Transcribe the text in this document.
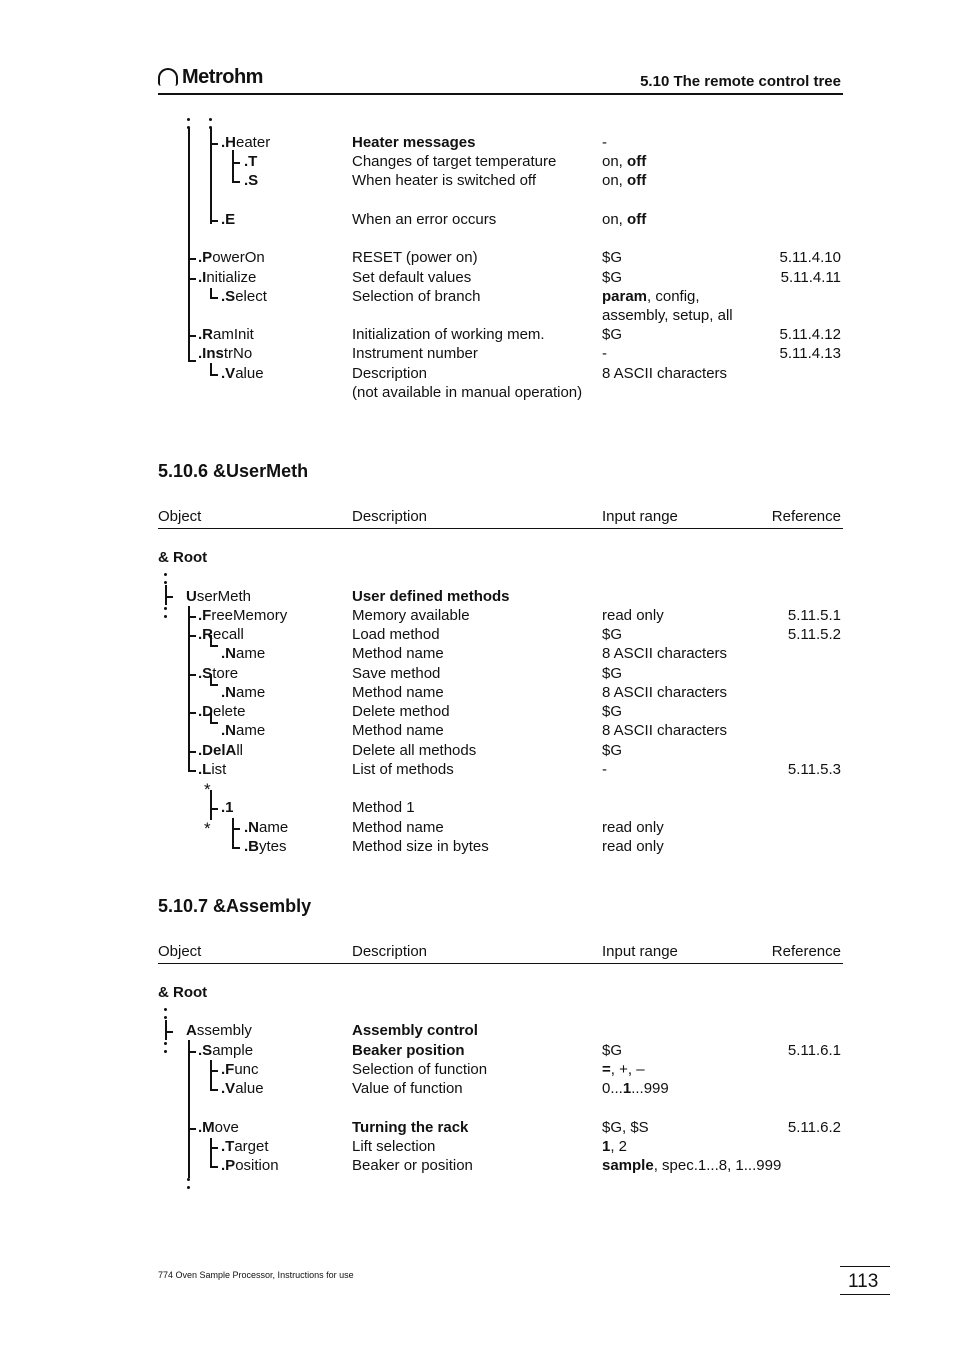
Metrohm	5.10 The remote control tree
.Heater	Heater messages	-
.T	Changes of target temperature	on, off
.S	When heater is switched off	on, off
.E	When an error occurs	on, off
.PowerOn	RESET (power on)	$G	5.11.4.10
.Initialize	Set default values	$G	5.11.4.11
.Select	Selection of branch	param, config,
assembly, setup, all
.RamInit	Initialization of working mem.	$G	5.11.4.12
.InstrNo	Instrument number	-	5.11.4.13
.Value	Description	8 ASCII characters
(not available in manual operation)
5.10.6 &UserMeth
Object	Description	Input range	Reference
& Root
UserMeth	User defined methods
.FreeMemory	Memory available	read only	5.11.5.1
.Recall	Load method	$G	5.11.5.2
.Name	Method name	8 ASCII characters
.Store	Save method	$G
.Name	Method name	8 ASCII characters
.Delete	Delete method	$G
.Name	Method name	8 ASCII characters
.DelAll	Delete all methods	$G
.List	List of methods	-	5.11.5.3
.1	Method 1
.Name	Method name	read only
.Bytes	Method size in bytes	read only
*
*
5.10.7 &Assembly
Object	Description	Input range	Reference
& Root
Assembly	Assembly control
.Sample	Beaker position	$G	5.11.6.1
.Func	Selection of function	=, +, –
.Value	Value of function	0...1...999
.Move	Turning the rack	$G, $S	5.11.6.2
.Target	Lift selection	1, 2
.Position	Beaker or position	sample, spec.1...8, 1...999
774 Oven Sample Processor, Instructions for use	113
